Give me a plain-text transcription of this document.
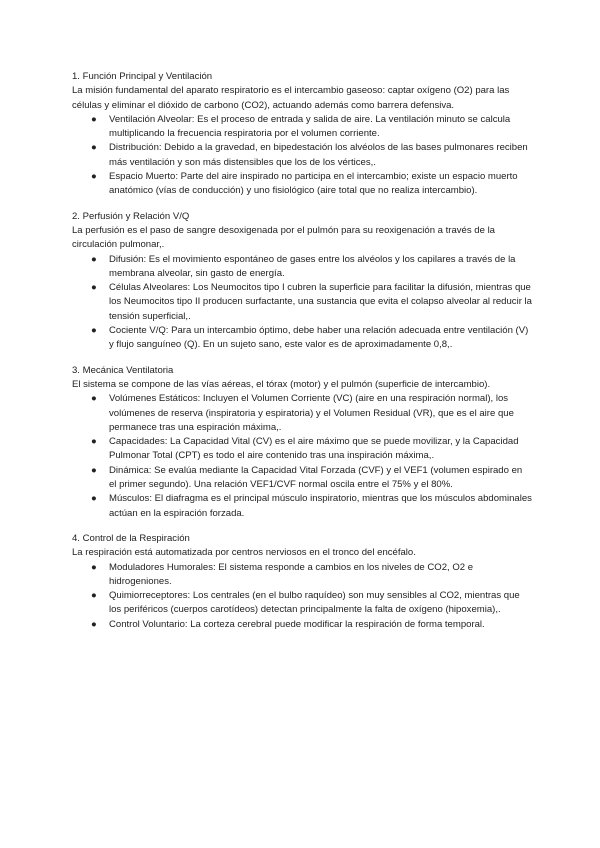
1. Función Principal y Ventilación

La misión fundamental del aparato respiratorio es el intercambio gaseoso: captar oxígeno (O2) para las células y eliminar el dióxido de carbono (CO2), actuando además como barrera defensiva.

● Ventilación Alveolar: Es el proceso de entrada y salida de aire. La ventilación minuto se calcula multiplicando la frecuencia respiratoria por el volumen corriente.
● Distribución: Debido a la gravedad, en bipedestación los alvéolos de las bases pulmonares reciben más ventilación y son más distensibles que los de los vértices,.
● Espacio Muerto: Parte del aire inspirado no participa en el intercambio; existe un espacio muerto anatómico (vías de conducción) y uno fisiológico (aire total que no realiza intercambio).

2. Perfusión y Relación V/Q

La perfusión es el paso de sangre desoxigenada por el pulmón para su reoxigenación a través de la circulación pulmonar,.

● Difusión: Es el movimiento espontáneo de gases entre los alvéolos y los capilares a través de la membrana alveolar, sin gasto de energía.
● Células Alveolares: Los Neumocitos tipo I cubren la superficie para facilitar la difusión, mientras que los Neumocitos tipo II producen surfactante, una sustancia que evita el colapso alveolar al reducir la tensión superficial,.
● Cociente V/Q: Para un intercambio óptimo, debe haber una relación adecuada entre ventilación (V) y flujo sanguíneo (Q). En un sujeto sano, este valor es de aproximadamente 0,8,.

3. Mecánica Ventilatoria

El sistema se compone de las vías aéreas, el tórax (motor) y el pulmón (superficie de intercambio).

● Volúmenes Estáticos: Incluyen el Volumen Corriente (VC) (aire en una respiración normal), los volúmenes de reserva (inspiratoria y espiratoria) y el Volumen Residual (VR), que es el aire que permanece tras una espiración máxima,.
● Capacidades: La Capacidad Vital (CV) es el aire máximo que se puede movilizar, y la Capacidad Pulmonar Total (CPT) es todo el aire contenido tras una inspiración máxima,.
● Dinámica: Se evalúa mediante la Capacidad Vital Forzada (CVF) y el VEF1 (volumen espirado en el primer segundo). Una relación VEF1/CVF normal oscila entre el 75% y el 80%.
● Músculos: El diafragma es el principal músculo inspiratorio, mientras que los músculos abdominales actúan en la espiración forzada.

4. Control de la Respiración

La respiración está automatizada por centros nerviosos en el tronco del encéfalo.

● Moduladores Humorales: El sistema responde a cambios en los niveles de CO2, O2 e hidrogeniones.
● Quimiorreceptores: Los centrales (en el bulbo raquídeo) son muy sensibles al CO2, mientras que los periféricos (cuerpos carotídeos) detectan principalmente la falta de oxígeno (hipoxemia),.
● Control Voluntario: La corteza cerebral puede modificar la respiración de forma temporal.
